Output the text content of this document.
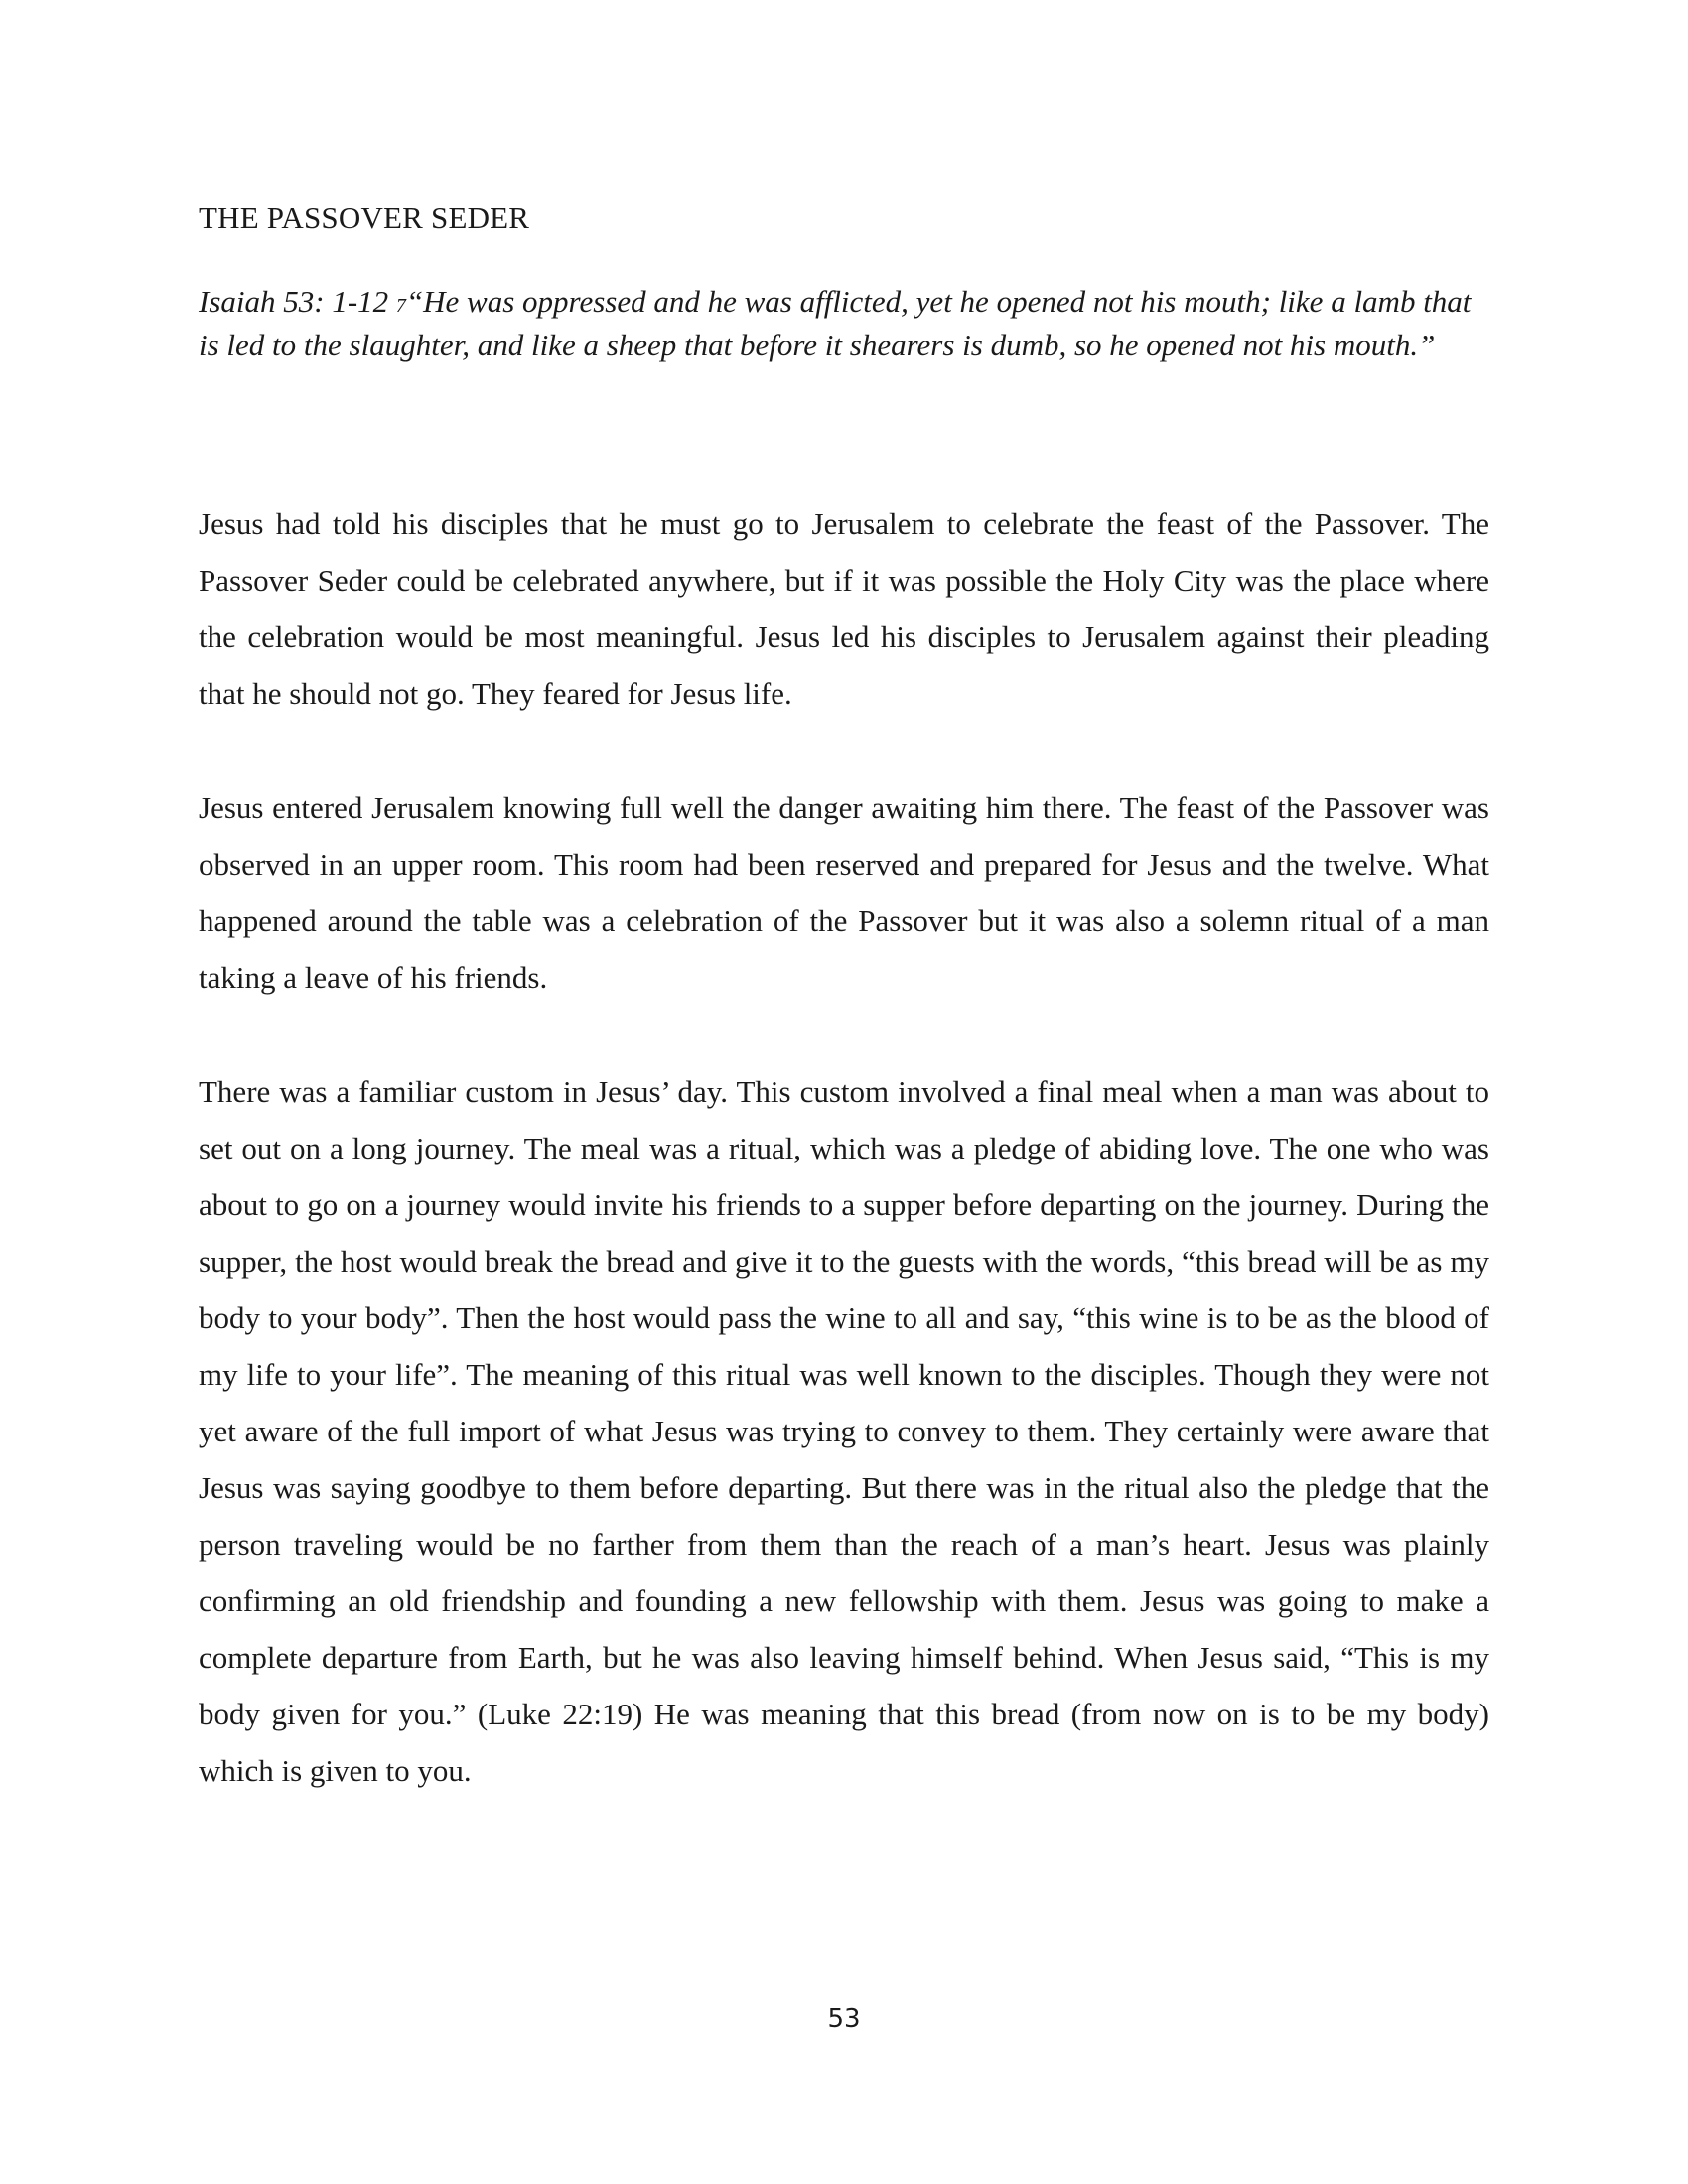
THE PASSOVER SEDER

Isaiah 53: 1-12 7“He was oppressed and he was afflicted, yet he opened not his mouth; like a lamb that is led to the slaughter, and like a sheep that before it shearers is dumb, so he opened not his mouth.”

Jesus had told his disciples that he must go to Jerusalem to celebrate the feast of the Passover. The Passover Seder could be celebrated anywhere, but if it was possible the Holy City was the place where the celebration would be most meaningful. Jesus led his disciples to Jerusalem against their pleading that he should not go. They feared for Jesus life.

Jesus entered Jerusalem knowing full well the danger awaiting him there. The feast of the Passover was observed in an upper room. This room had been reserved and prepared for Jesus and the twelve. What happened around the table was a celebration of the Passover but it was also a solemn ritual of a man taking a leave of his friends.

There was a familiar custom in Jesus’ day. This custom involved a final meal when a man was about to set out on a long journey. The meal was a ritual, which was a pledge of abiding love. The one who was about to go on a journey would invite his friends to a supper before departing on the journey. During the supper, the host would break the bread and give it to the guests with the words, “this bread will be as my body to your body”. Then the host would pass the wine to all and say, “this wine is to be as the blood of my life to your life”. The meaning of this ritual was well known to the disciples. Though they were not yet aware of the full import of what Jesus was trying to convey to them. They certainly were aware that Jesus was saying goodbye to them before departing. But there was in the ritual also the pledge that the person traveling would be no farther from them than the reach of a man’s heart. Jesus was plainly confirming an old friendship and founding a new fellowship with them. Jesus was going to make a complete departure from Earth, but he was also leaving himself behind. When Jesus said, “This is my body given for you.” (Luke 22:19) He was meaning that this bread (from now on is to be my body) which is given to you.

53
